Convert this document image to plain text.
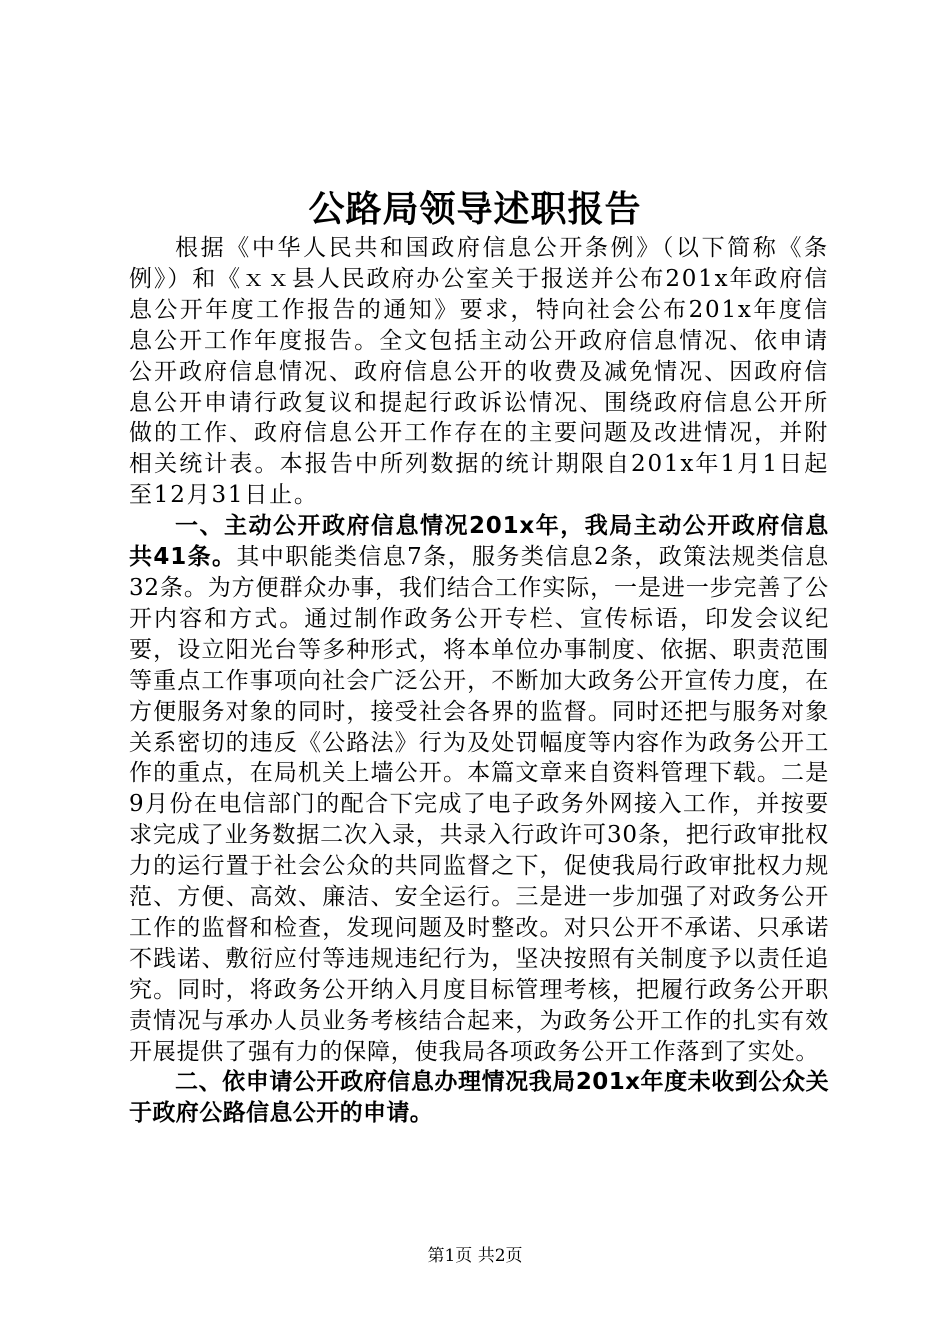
公路局领导述职报告

根据《中华人民共和国政府信息公开条例》（以下简称《条例》）和《ｘｘ县人民政府办公室关于报送并公布201x年政府信息公开年度工作报告的通知》要求，特向社会公布201x年度信息公开工作年度报告。全文包括主动公开政府信息情况、依申请公开政府信息情况、政府信息公开的收费及减免情况、因政府信息公开申请行政复议和提起行政诉讼情况、围绕政府信息公开所做的工作、政府信息公开工作存在的主要问题及改进情况，并附相关统计表。本报告中所列数据的统计期限自201x年1月1日起至12月31日止。

一、主动公开政府信息情况201x年，我局主动公开政府信息共41条。其中职能类信息7条，服务类信息2条，政策法规类信息32条。为方便群众办事，我们结合工作实际，一是进一步完善了公开内容和方式。通过制作政务公开专栏、宣传标语，印发会议纪要，设立阳光台等多种形式，将本单位办事制度、依据、职责范围等重点工作事项向社会广泛公开，不断加大政务公开宣传力度，在方便服务对象的同时，接受社会各界的监督。同时还把与服务对象关系密切的违反《公路法》行为及处罚幅度等内容作为政务公开工作的重点，在局机关上墙公开。本篇文章来自资料管理下载。二是9月份在电信部门的配合下完成了电子政务外网接入工作，并按要求完成了业务数据二次入录，共录入行政许可30条，把行政审批权力的运行置于社会公众的共同监督之下，促使我局行政审批权力规范、方便、高效、廉洁、安全运行。三是进一步加强了对政务公开工作的监督和检查，发现问题及时整改。对只公开不承诺、只承诺不践诺、敷衍应付等违规违纪行为，坚决按照有关制度予以责任追究。同时，将政务公开纳入月度目标管理考核，把履行政务公开职责情况与承办人员业务考核结合起来，为政务公开工作的扎实有效开展提供了强有力的保障，使我局各项政务公开工作落到了实处。

二、依申请公开政府信息办理情况我局201x年度未收到公众关于政府公路信息公开的申请。

第1页 共2页
